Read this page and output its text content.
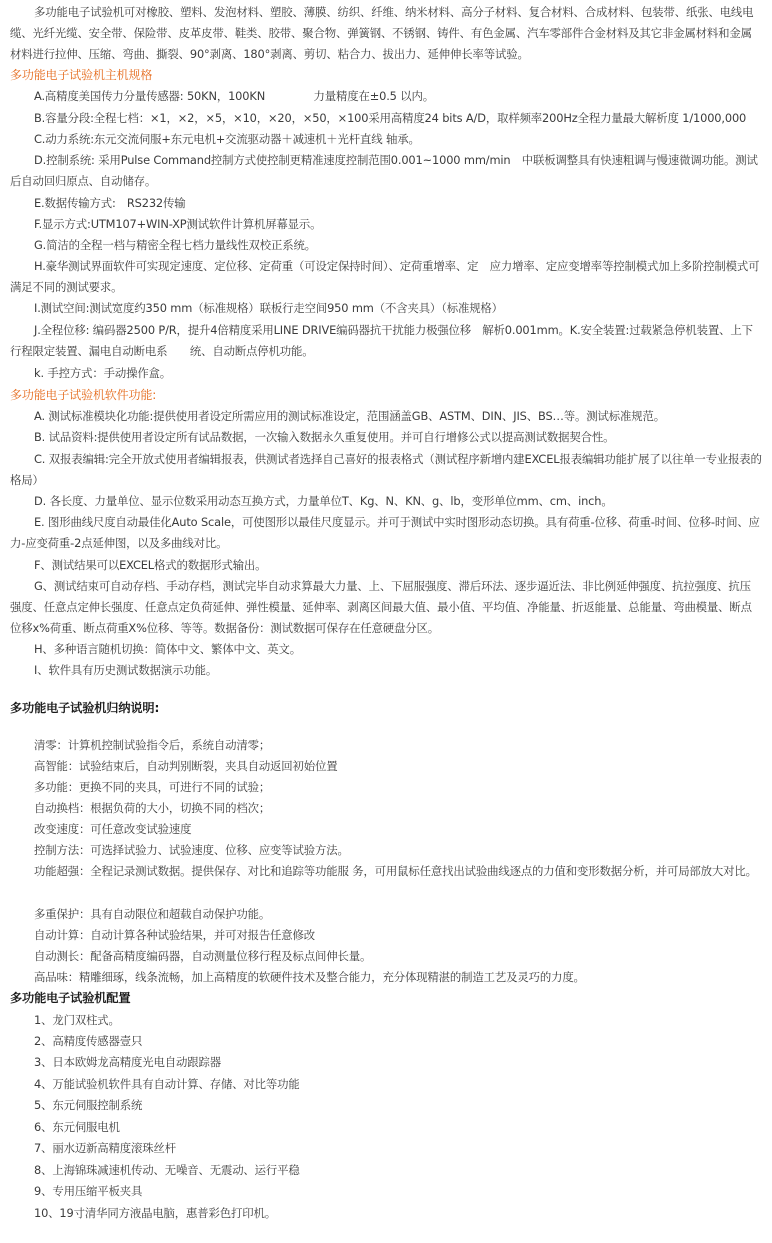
多功能电子试验机可对橡胶、塑料、发泡材料、塑胶、薄膜、纺织、纤维、纳米材料、高分子材料、复合材料、合成材料、包装带、纸张、电线电缆、光纤光缆、安全带、保险带、皮革皮带、鞋类、胶带、聚合物、弹簧钢、不锈钢、铸件、有色金属、汽车零部件合金材料及其它非金属材料和金属材料进行拉伸、压缩、弯曲、撕裂、90°剥离、180°剥离、剪切、粘合力、拔出力、延伸伸长率等试验。
多功能电子试验机主机规格
A.高精度美国传力分量传感器: 50KN，100KN　　　　 力量精度在±0.5 以内。
B.容量分段:全程七档：×1，×2，×5，×10，×20，×50，×100采用高精度24 bits A/D，取样频率200Hz全程力量最大解析度 1/1000,000
C.动力系统:东元交流伺服+东元电机+交流驱动器＋减速机＋光杆直线 轴承。
D.控制系统: 采用Pulse Command控制方式使控制更精准速度控制范围0.001~1000 mm/min　中联板调整具有快速粗调与慢速微调功能。测试后自动回归原点、自动储存。
E.数据传输方式:　RS232传输
F.显示方式:UTM107+WIN-XP测试软件计算机屏幕显示。
G.简洁的全程一档与精密全程七档力量线性双校正系统。
H.豪华测试界面软件可实现定速度、定位移、定荷重（可设定保持时间）、定荷重增率、定　应力增率、定应变增率等控制模式加上多阶控制模式可满足不同的测试要求。
I.测试空间:测试宽度约350 mm（标准规格）联板行走空间950 mm（不含夹具）（标准规格）
J.全程位移: 编码器2500 P/R，提升4倍精度采用LINE DRIVE编码器抗干扰能力极强位移　解析0.001mm。K.安全装置:过载紧急停机装置、上下行程限定装置、漏电自动断电系　　统、自动断点停机功能。
k. 手控方式：手动操作盒。
多功能电子试验机软件功能:
A. 测试标准模块化功能:提供使用者设定所需应用的测试标准设定，范围涵盖GB、ASTM、DIN、JIS、BS…等。测试标准规范。
B. 试品资料:提供使用者设定所有试品数据，一次输入数据永久重复使用。并可自行增修公式以提高测试数据契合性。
C. 双报表编辑:完全开放式使用者编辑报表，供测试者选择自己喜好的报表格式（测试程序新增内建EXCEL报表编辑功能扩展了以往单一专业报表的格局）
D. 各长度、力量单位、显示位数采用动态互换方式，力量单位T、Kg、N、KN、g、lb，变形单位mm、cm、inch。
E. 图形曲线尺度自动最佳化Auto Scale，可使图形以最佳尺度显示。并可于测试中实时图形动态切换。具有荷重-位移、荷重-时间、位移-时间、应力-应变荷重-2点延伸图，以及多曲线对比。
F、测试结果可以EXCEL格式的数据形式输出。
G、测试结束可自动存档、手动存档，测试完毕自动求算最大力量、上、下屈服强度、滞后环法、逐步逼近法、非比例延伸强度、抗拉强度、抗压强度、任意点定伸长强度、任意点定负荷延伸、弹性模量、延伸率、剥离区间最大值、最小值、平均值、净能量、折返能量、总能量、弯曲模量、断点位移x%荷重、断点荷重X%位移、等等。数据备份：测试数据可保存在任意硬盘分区。
H、多种语言随机切换：简体中文、繁体中文、英文。
I、软件具有历史测试数据演示功能。
多功能电子试验机归纳说明:
清零：计算机控制试验指令后，系统自动清零；
高智能：试验结束后，自动判别断裂，夹具自动返回初始位置
多功能：更换不同的夹具，可进行不同的试验；
自动换档：根据负荷的大小，切换不同的档次；
改变速度：可任意改变试验速度
控制方法：可选择试验力、试验速度、位移、应变等试验方法。
功能超强：全程记录测试数据。提供保存、对比和追踪等功能服 务，可用鼠标任意找出试验曲线逐点的力值和变形数据分析，并可局部放大对比。
多重保护：具有自动限位和超载自动保护功能。
自动计算：自动计算各种试验结果，并可对报告任意修改
自动测长：配备高精度编码器，自动测量位移行程及标点间伸长量。
高品味：精雕细琢，线条流畅，加上高精度的软硬件技术及整合能力，充分体现精湛的制造工艺及灵巧的力度。
多功能电子试验机配置
1、龙门双柱式。
2、高精度传感器壹只
3、日本欧姆龙高精度光电自动跟踪器
4、万能试验机软件具有自动计算、存储、对比等功能
5、东元伺服控制系统
6、东元伺服电机
7、丽水迈新高精度滚珠丝杆
8、上海锦珠减速机传动、无噪音、无震动、运行平稳
9、专用压缩平板夹具
10、19寸清华同方液晶电脑，惠普彩色打印机。
